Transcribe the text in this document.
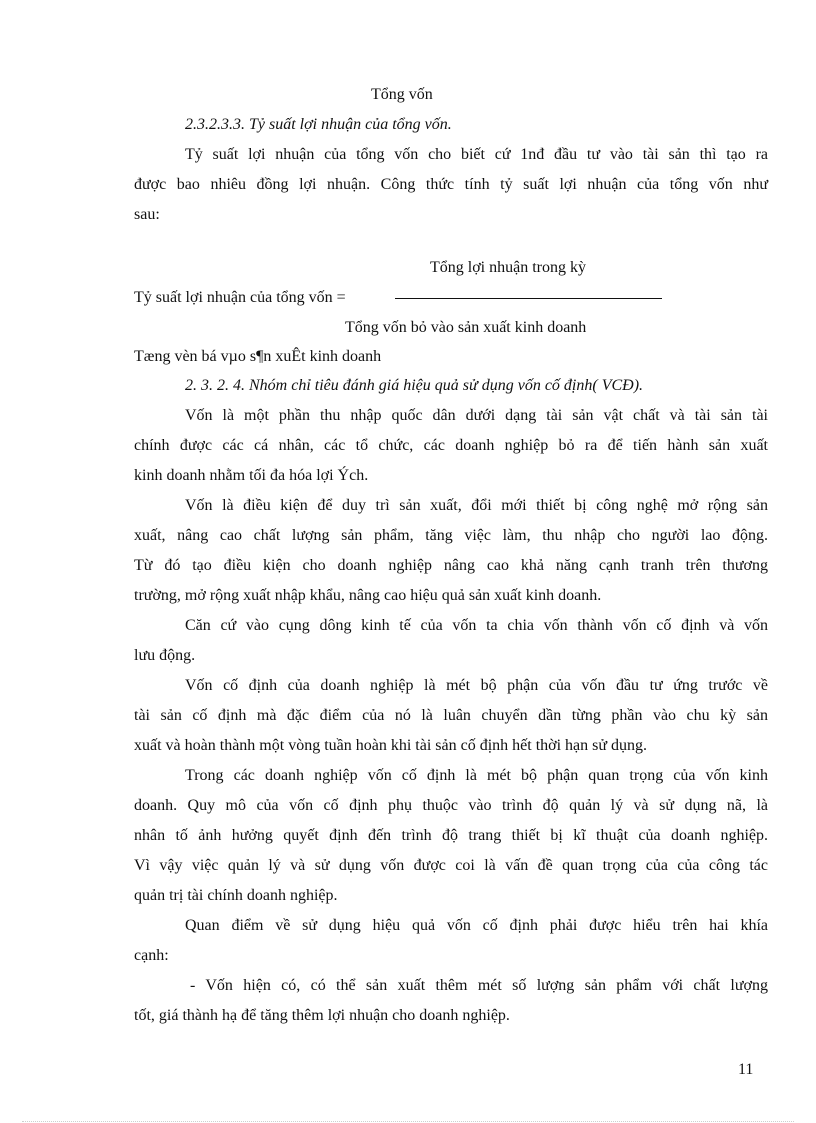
Tổng vốn
2.3.2.3.3. Tỷ suất lợi nhuận của tổng vốn.
Tỷ suất lợi nhuận của tổng vốn cho biết cứ 1nđ đầu tư vào tài sản thì tạo ra
được bao nhiêu đồng lợi nhuận. Công thức tính tỷ suất lợi nhuận của tổng vốn như
sau:
Tổng lợi nhuận trong kỳ
Tỷ suất lợi nhuận của tổng vốn =
Tổng vốn bỏ vào sản xuất kinh doanh
Tæng vèn bá vµo s¶n xuÊt kinh doanh
2. 3. 2. 4. Nhóm chỉ tiêu đánh giá hiệu quả sử dụng vốn cố định( VCĐ).
Vốn là một phần thu nhập quốc dân dưới dạng tài sản vật chất và tài sản tài
chính được các cá nhân, các tổ chức, các doanh nghiệp bỏ ra để tiến hành sản xuất
kinh doanh nhằm tối đa hóa lợi Ých.
Vốn là điều kiện để duy trì sản xuất, đổi mới thiết bị công nghệ mở rộng sản
xuất, nâng cao chất lượng sản phẩm, tăng việc làm, thu nhập cho người lao động.
Từ đó tạo điều kiện cho doanh nghiệp nâng cao khả năng cạnh tranh trên thương
trường, mở rộng xuất nhập khẩu, nâng cao hiệu quả sản xuất kinh doanh.
Căn cứ vào cụng dông kinh tế của vốn ta chia vốn thành vốn cố định và vốn
lưu động.
Vốn cố định của doanh nghiệp là mét bộ phận của vốn đầu tư ứng trước về
tài sản cố định mà đặc điểm của nó là luân chuyển dần từng phần vào chu kỳ sản
xuất và hoàn thành một vòng tuần hoàn khi tài sản cố định hết thời hạn sử dụng.
Trong các doanh nghiệp vốn cố định là mét bộ phận quan trọng của vốn kinh
doanh. Quy mô của vốn cố định phụ thuộc vào trình độ quản lý và sử dụng nã, là
nhân tố ảnh hưởng quyết định đến trình độ trang thiết bị kĩ thuật của doanh nghiệp.
Vì vậy việc quản lý và sử dụng vốn được coi là vấn đề quan trọng của của công tác
quản trị tài chính doanh nghiệp.
Quan điểm về sử dụng hiệu quả vốn cố định phải được hiểu trên hai khía
cạnh:
- Vốn hiện có, có thể sản xuất thêm mét số lượng sản phẩm với chất lượng
tốt, giá thành hạ để tăng thêm lợi nhuận cho doanh nghiệp.
11
